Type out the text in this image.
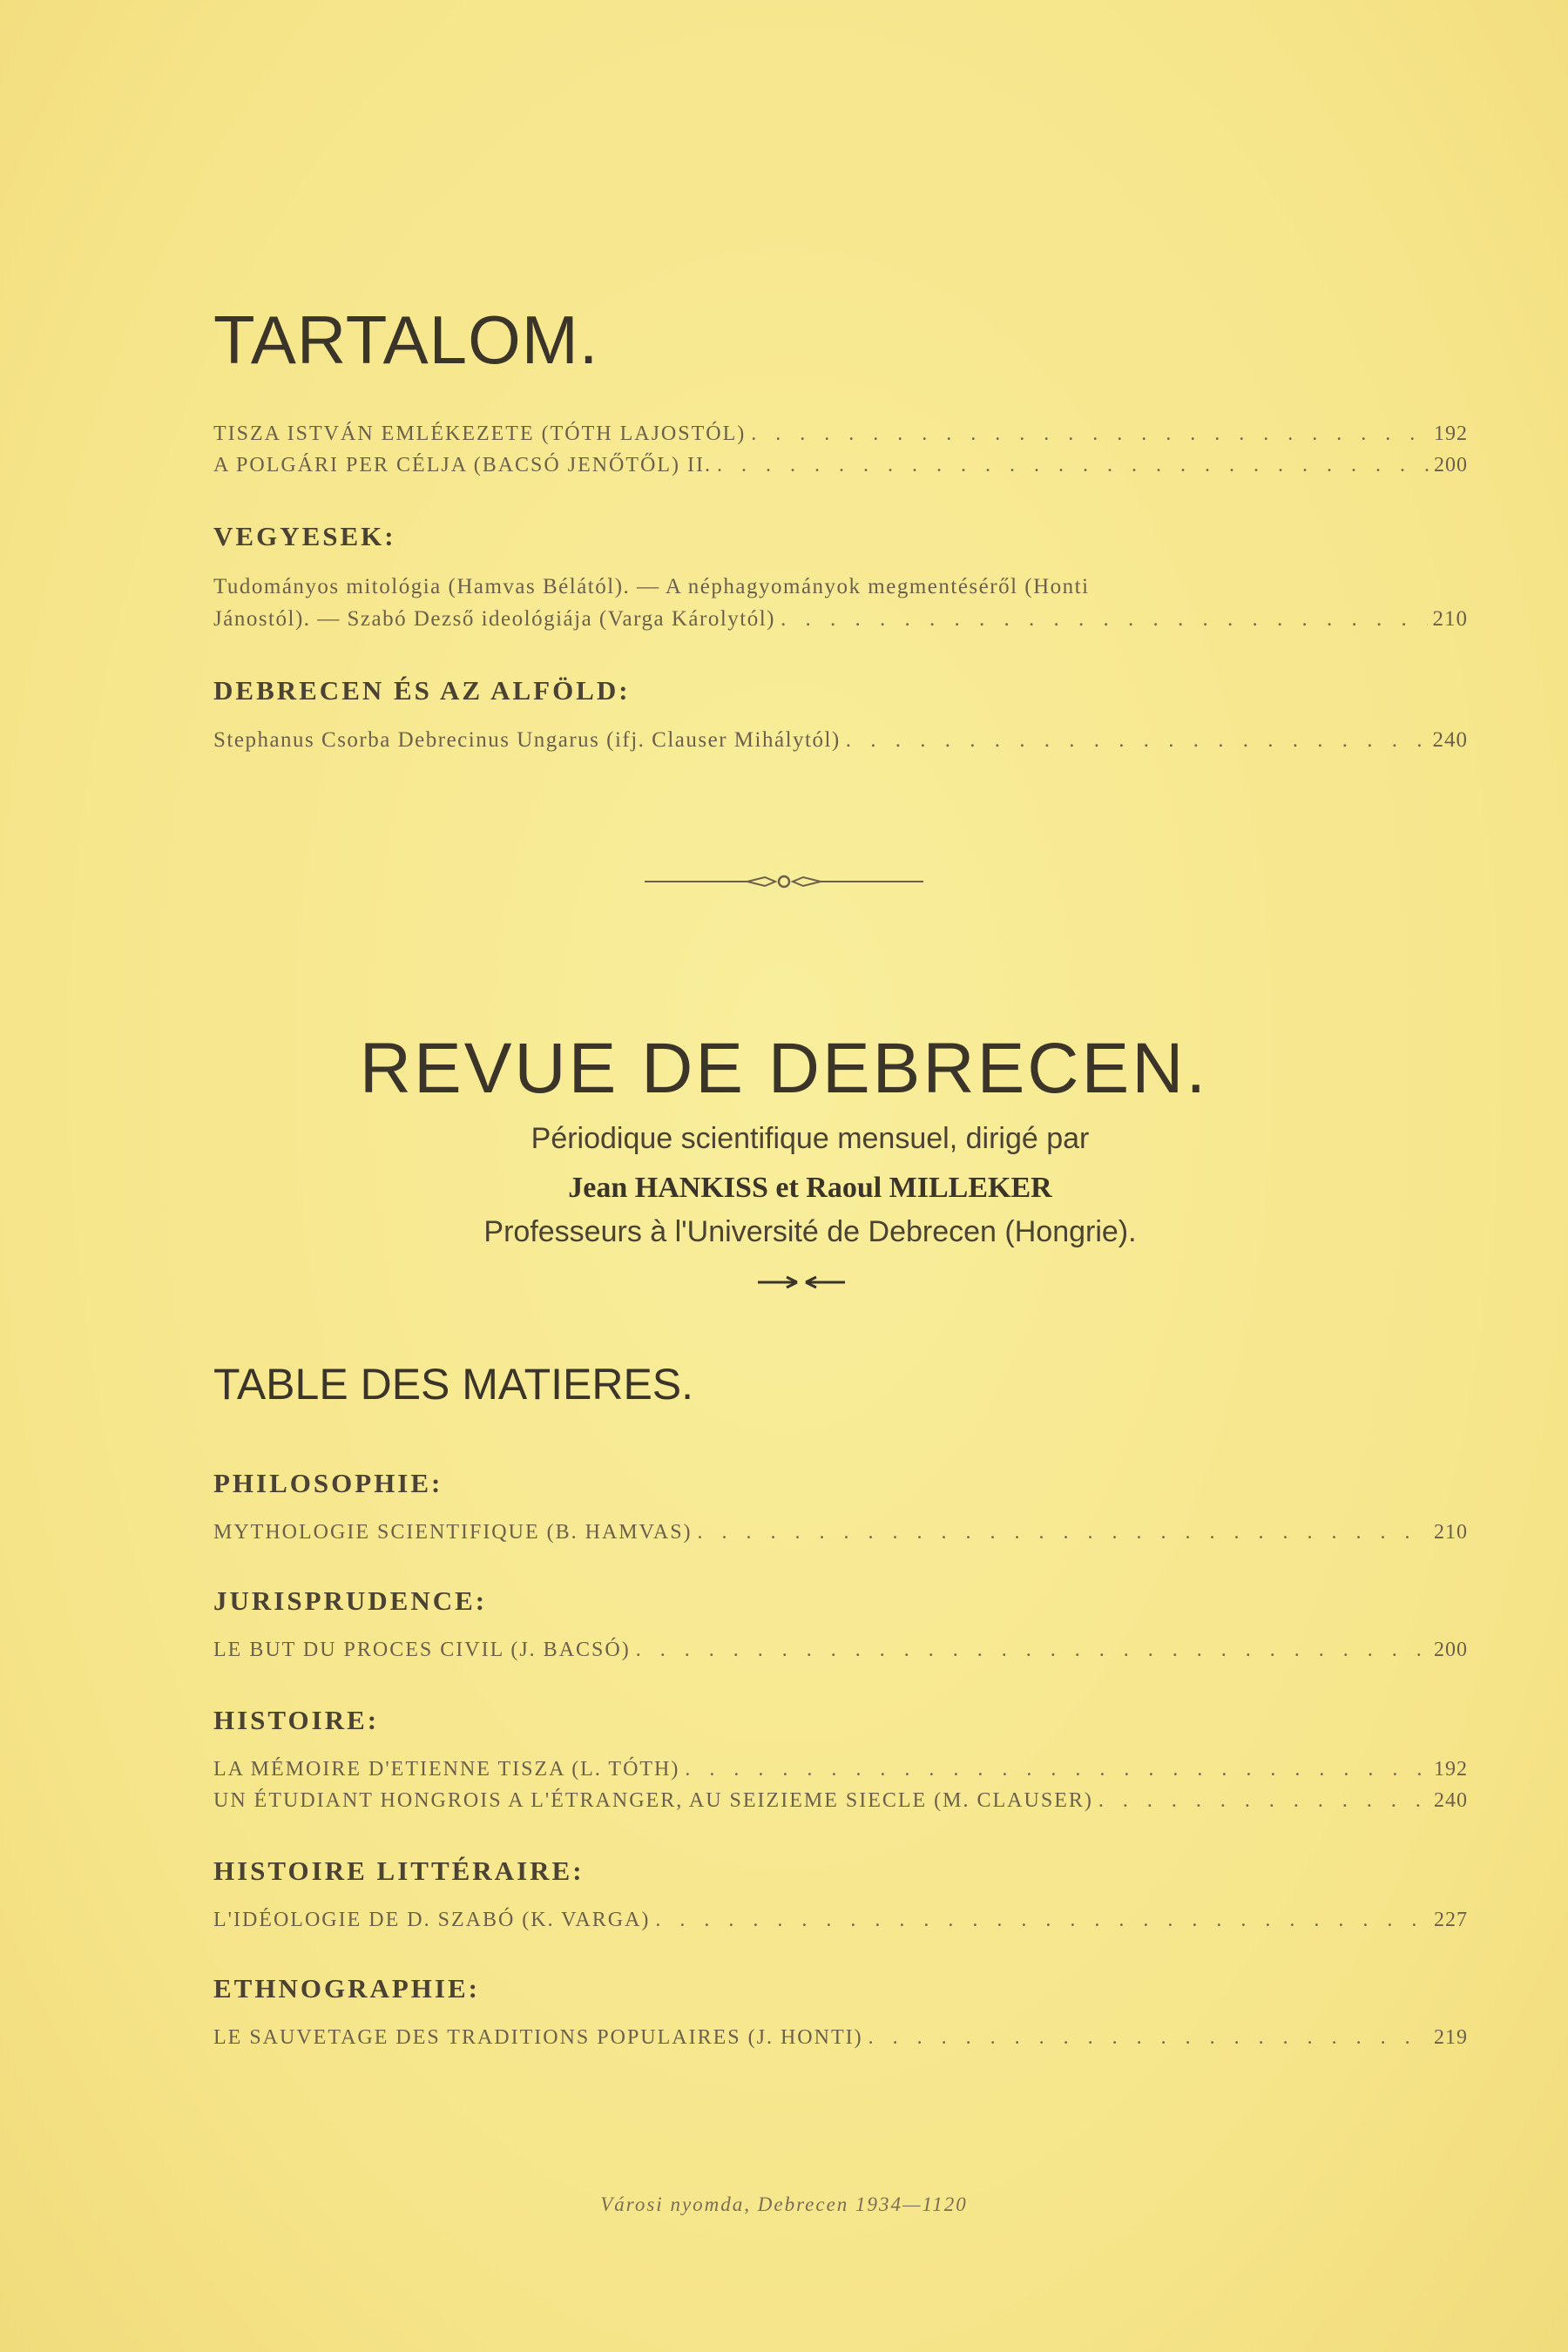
TARTALOM.
TISZA ISTVÁN EMLÉKEZETE (TÓTH LAJOSTÓL) . . .	192
A POLGÁRI PER CÉLJA (BACSÓ JENŐTŐL) II. . . .	200

VEGYESEK:

Tudományos mitológia (Hamvas Bélától). — A néphagyományok megmentéséről (Honti
Jánostól). — Szabó Dezső ideológiája (Varga Károlytól) . . .	210

DEBRECEN ÉS AZ ALFÖLD:

Stephanus Csorba Debrecinus Ungarus (ifj. Clauser Mihálytól) . . .	240
REVUE DE DEBRECEN.
Périodique scientifique mensuel, dirigé par
Jean HANKISS et Raoul MILLEKER
Professeurs à l'Université de Debrecen (Hongrie).
TABLE DES MATIERES.

PHILOSOPHIE:

MYTHOLOGIE SCIENTIFIQUE (B. HAMVAS) . . .	210

JURISPRUDENCE:

LE BUT DU PROCES CIVIL (J. BACSÓ) . . .	200

HISTOIRE:

LA MÉMOIRE D'ETIENNE TISZA (L. TÓTH) . . .	192
UN ÉTUDIANT HONGROIS A L'ÉTRANGER, AU SEIZIEME SIECLE (M. CLAUSER) . . .	240

HISTOIRE LITTÉRAIRE:

L'IDÉOLOGIE DE D. SZABÓ (K. VARGA) . . .	227

ETHNOGRAPHIE:

LE SAUVETAGE DES TRADITIONS POPULAIRES (J. HONTI) . . .	219
Városi nyomda, Debrecen 1934—1120
